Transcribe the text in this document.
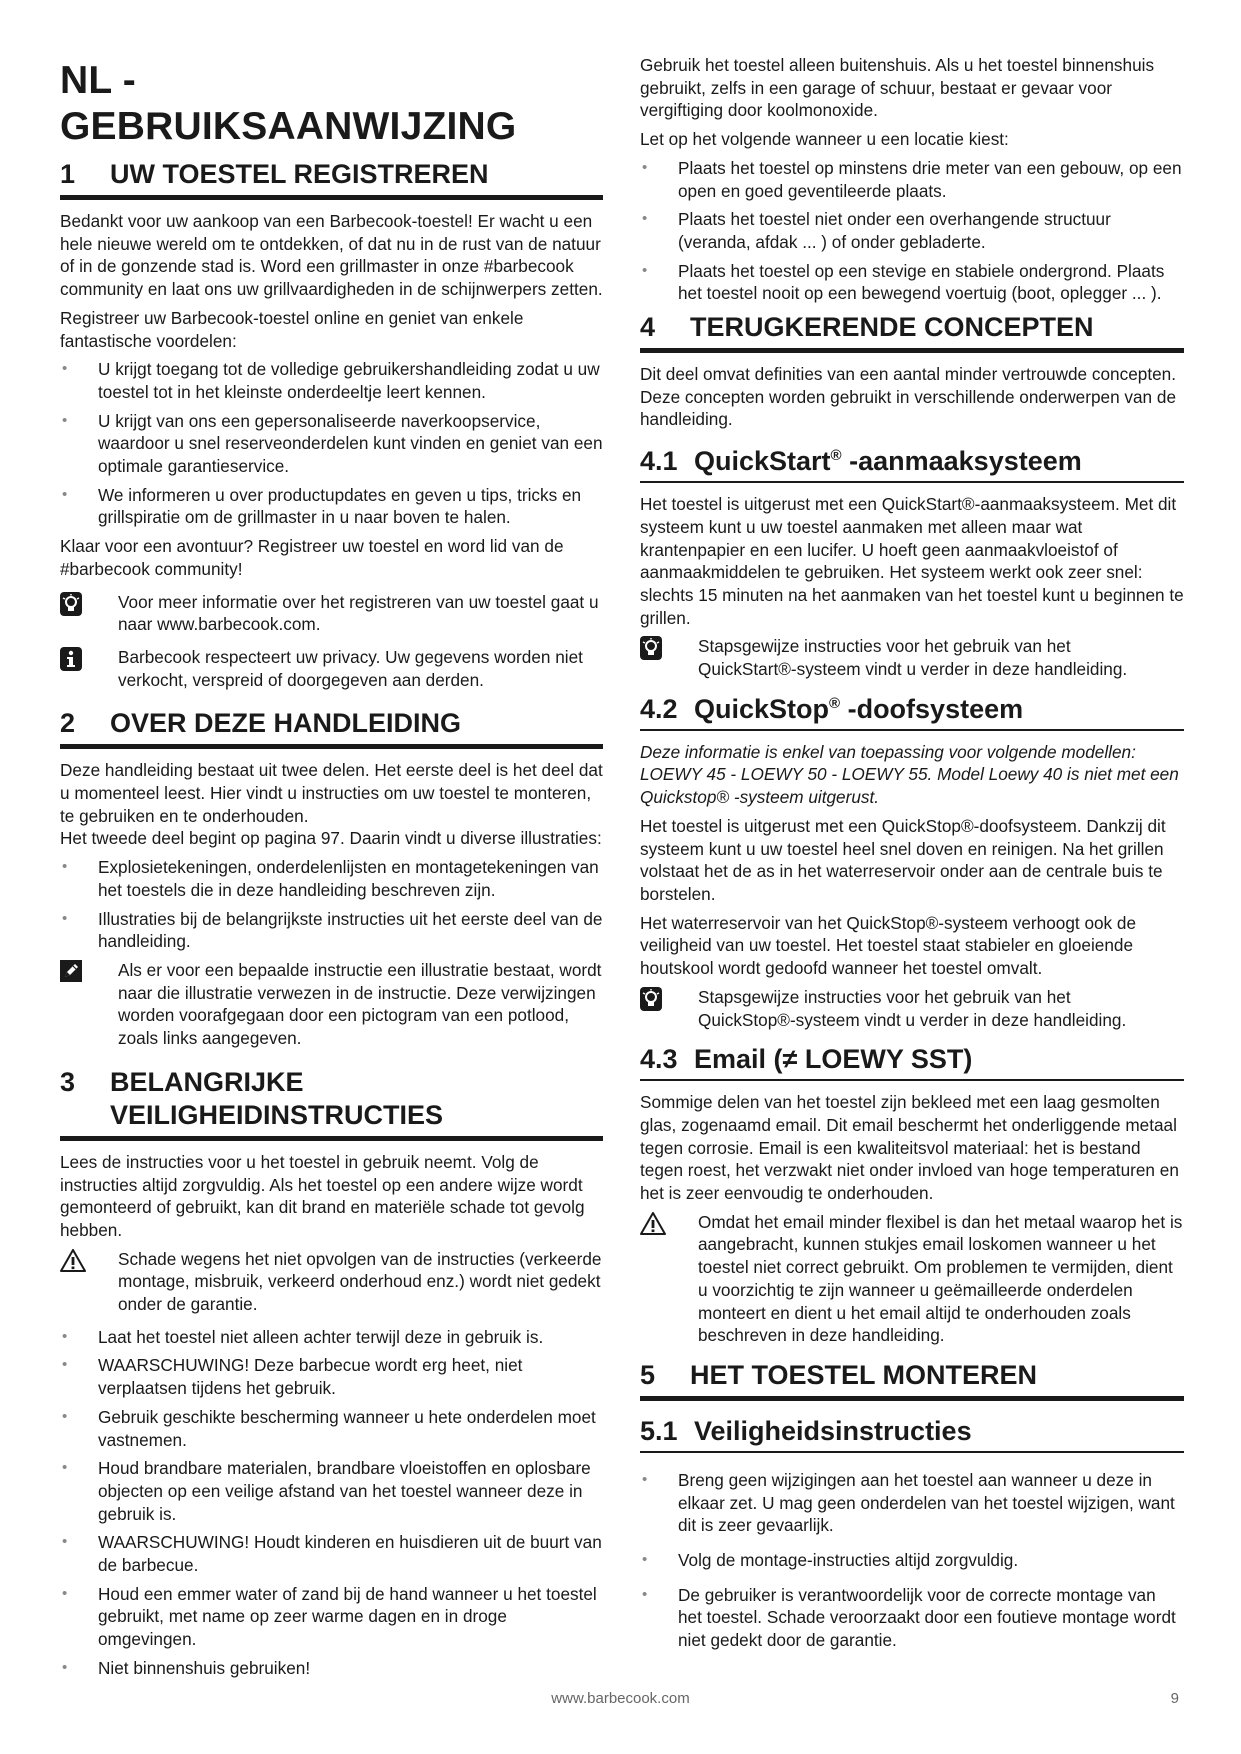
NL - GEBRUIKSAANWIJZING
1	UW TOESTEL REGISTREREN

Bedankt voor uw aankoop van een Barbecook-toestel! Er wacht u een hele nieuwe wereld om te ontdekken, of dat nu in de rust van de natuur of in de gonzende stad is. Word een grillmaster in onze #barbecook community en laat ons uw grillvaardigheden in de schijnwerpers zetten.

Registreer uw Barbecook-toestel online en geniet van enkele fantastische voordelen:

• U krijgt toegang tot de volledige gebruikershandleiding zodat u uw toestel tot in het kleinste onderdeeltje leert kennen.
• U krijgt van ons een gepersonaliseerde naverkoopservice, waardoor u snel reserveonderdelen kunt vinden en geniet van een optimale garantieservice.
• We informeren u over productupdates en geven u tips, tricks en grillspiratie om de grillmaster in u naar boven te halen.

Klaar voor een avontuur? Registreer uw toestel en word lid van de #barbecook community!

Voor meer informatie over het registreren van uw toestel gaat u naar www.barbecook.com.
Barbecook respecteert uw privacy. Uw gegevens worden niet verkocht, verspreid of doorgegeven aan derden.
2	OVER DEZE HANDLEIDING

Deze handleiding bestaat uit twee delen. Het eerste deel is het deel dat u momenteel leest. Hier vindt u instructies om uw toestel te monteren, te gebruiken en te onderhouden.

Het tweede deel begint op pagina 97. Daarin vindt u diverse illustraties:

• Explosietekeningen, onderdelenlijsten en montagetekeningen van het toestels die in deze handleiding beschreven zijn.
• Illustraties bij de belangrijkste instructies uit het eerste deel van de handleiding.
Als er voor een bepaalde instructie een illustratie bestaat, wordt naar die illustratie verwezen in de instructie. Deze verwijzingen worden voorafgegaan door een pictogram van een potlood, zoals links aangegeven.
3	BELANGRIJKE
VEILIGHEIDINSTRUCTIES

Lees de instructies voor u het toestel in gebruik neemt. Volg de instructies altijd zorgvuldig. Als het toestel op een andere wijze wordt gemonteerd of gebruikt, kan dit brand en materiële schade tot gevolg hebben.

Schade wegens het niet opvolgen van de instructies (verkeerde montage, misbruik, verkeerd onderhoud enz.) wordt niet gedekt onder de garantie.
• Laat het toestel niet alleen achter terwijl deze in gebruik is.
• WAARSCHUWING! Deze barbecue wordt erg heet, niet verplaatsen tijdens het gebruik.
• Gebruik geschikte bescherming wanneer u hete onderdelen moet vastnemen.
• Houd brandbare materialen, brandbare vloeistoffen en oplosbare objecten op een veilige afstand van het toestel wanneer deze in gebruik is.
• WAARSCHUWING! Houdt kinderen en huisdieren uit de buurt van de barbecue.
• Houd een emmer water of zand bij de hand wanneer u het toestel gebruikt, met name op zeer warme dagen en in droge omgevingen.
• Niet binnenshuis gebruiken!

Gebruik het toestel alleen buitenshuis. Als u het toestel binnenshuis gebruikt, zelfs in een garage of schuur, bestaat er gevaar voor vergiftiging door koolmonoxide.

Let op het volgende wanneer u een locatie kiest:

• Plaats het toestel op minstens drie meter van een gebouw, op een open en goed geventileerde plaats.
• Plaats het toestel niet onder een overhangende structuur (veranda, afdak ... ) of onder gebladerte.
• Plaats het toestel op een stevige en stabiele ondergrond. Plaats het toestel nooit op een bewegend voertuig (boot, oplegger ... ).
4	TERUGKERENDE CONCEPTEN

Dit deel omvat definities van een aantal minder vertrouwde concepten. Deze concepten worden gebruikt in verschillende onderwerpen van de handleiding.

4.1 QuickStart® -aanmaaksysteem

Het toestel is uitgerust met een QuickStart®-aanmaaksysteem. Met dit systeem kunt u uw toestel aanmaken met alleen maar wat krantenpapier en een lucifer. U hoeft geen aanmaakvloeistof of aanmaakmiddelen te gebruiken. Het systeem werkt ook zeer snel: slechts 15 minuten na het aanmaken van het toestel kunt u beginnen te grillen.

Stapsgewijze instructies voor het gebruik van het
QuickStart®-systeem vindt u verder in deze handleiding.
4.2 QuickStop® -doofsysteem

Deze informatie is enkel van toepassing voor volgende modellen: LOEWY 45 - LOEWY 50 - LOEWY 55. Model Loewy 40 is niet met een Quickstop® -systeem uitgerust.

Het toestel is uitgerust met een QuickStop®-doofsysteem. Dankzij dit systeem kunt u uw toestel heel snel doven en reinigen. Na het grillen volstaat het de as in het waterreservoir onder aan de centrale buis te borstelen.

Het waterreservoir van het QuickStop®-systeem verhoogt ook de veiligheid van uw toestel. Het toestel staat stabieler en gloeiende houtskool wordt gedoofd wanneer het toestel omvalt.

Stapsgewijze instructies voor het gebruik van het
QuickStop®-systeem vindt u verder in deze handleiding.
4.3 Email (≠ LOEWY SST)

Sommige delen van het toestel zijn bekleed met een laag gesmolten glas, zogenaamd email. Dit email beschermt het onderliggende metaal tegen corrosie. Email is een kwaliteitsvol materiaal: het is bestand tegen roest, het verzwakt niet onder invloed van hoge temperaturen en het is zeer eenvoudig te onderhouden.

Omdat het email minder flexibel is dan het metaal waarop het is aangebracht, kunnen stukjes email loskomen wanneer u het toestel niet correct gebruikt. Om problemen te vermijden, dient u voorzichtig te zijn wanneer u geëmailleerde onderdelen monteert en dient u het email altijd te onderhouden zoals beschreven in deze handleiding.
5	HET TOESTEL MONTEREN
5.1 Veiligheidsinstructies
• Breng geen wijzigingen aan het toestel aan wanneer u deze in elkaar zet. U mag geen onderdelen van het toestel wijzigen, want dit is zeer gevaarlijk.
• Volg de montage-instructies altijd zorgvuldig.
• De gebruiker is verantwoordelijk voor de correcte montage van het toestel. Schade veroorzaakt door een foutieve montage wordt niet gedekt door de garantie.
www.barbecook.com	9
